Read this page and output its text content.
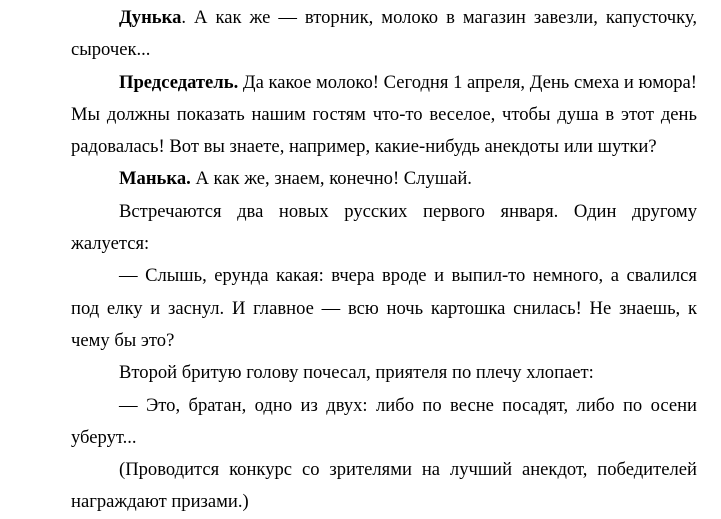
Дунька. А как же — вторник, молоко в магазин завезли, капусточку, сырочек...

Председатель. Да какое молоко! Сегодня 1 апреля, День смеха и юмора! Мы должны показать нашим гостям что-то веселое, чтобы душа в этот день радовалась! Вот вы знаете, например, какие-нибудь анекдоты или шутки?

Манька. А как же, знаем, конечно! Слушай.

Встречаются два новых русских первого января. Один другому жалуется:

— Слышь, ерунда какая: вчера вроде и выпил-то немного, а свалился под елку и заснул. И главное — всю ночь картошка снилась! Не знаешь, к чему бы это?

Второй бритую голову почесал, приятеля по плечу хлопает:

— Это, братан, одно из двух: либо по весне посадят, либо по осени уберут...

(Проводится конкурс со зрителями на лучший анекдот, победителей награждают призами.)
